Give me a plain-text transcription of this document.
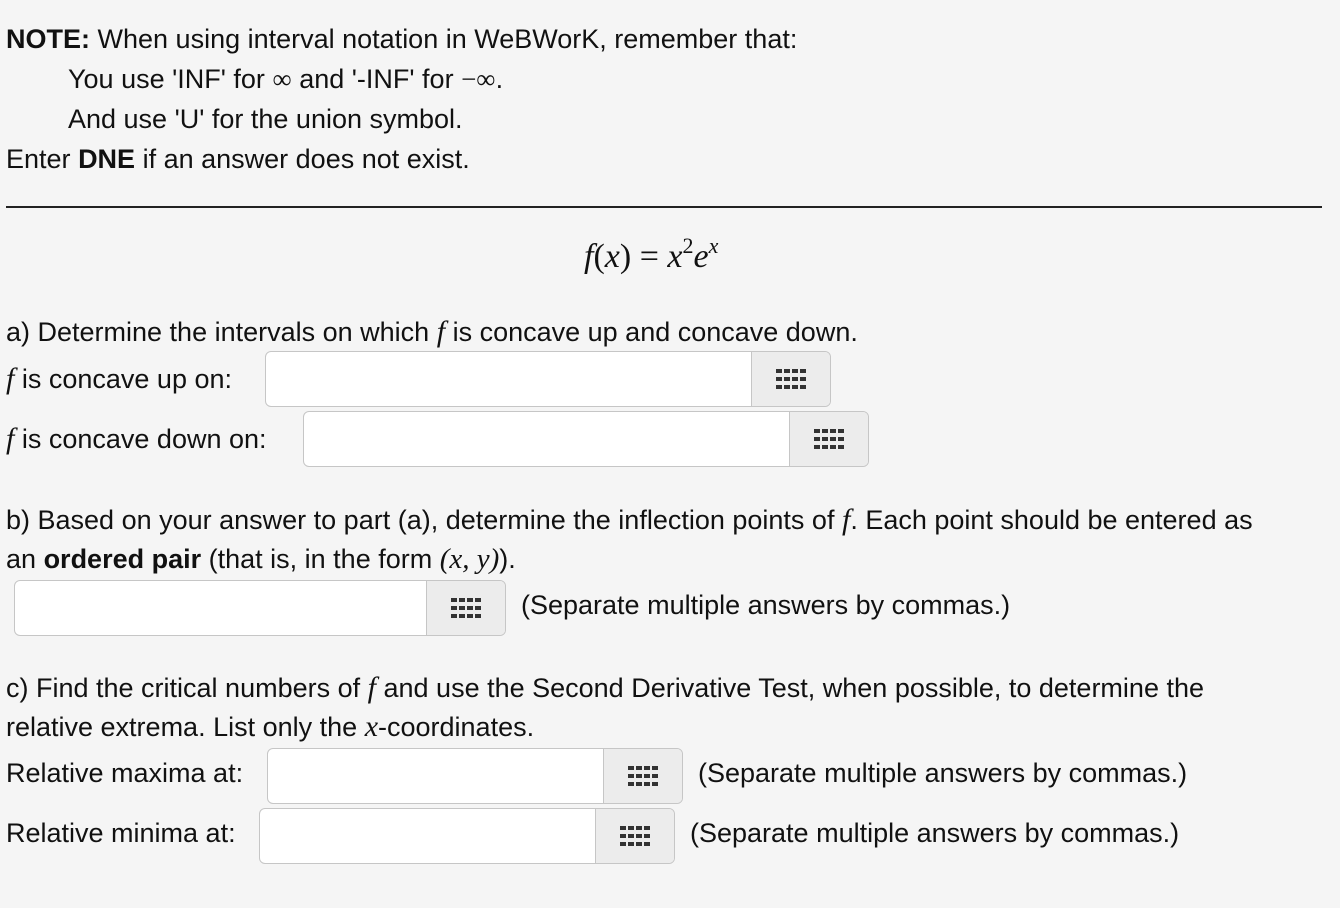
NOTE: When using interval notation in WeBWorK, remember that:
You use 'INF' for ∞ and '-INF' for −∞.
And use 'U' for the union symbol.
Enter DNE if an answer does not exist.
$f(x) = x^2e^x$
a) Determine the intervals on which f is concave up and concave down.
f is concave up on:
f is concave down on:
b) Based on your answer to part (a), determine the inflection points of f. Each point should be entered as
an ordered pair (that is, in the form (x, y)).
(Separate multiple answers by commas.)
c) Find the critical numbers of f and use the Second Derivative Test, when possible, to determine the
relative extrema. List only the x-coordinates.
Relative maxima at:	(Separate multiple answers by commas.)
Relative minima at:	(Separate multiple answers by commas.)
